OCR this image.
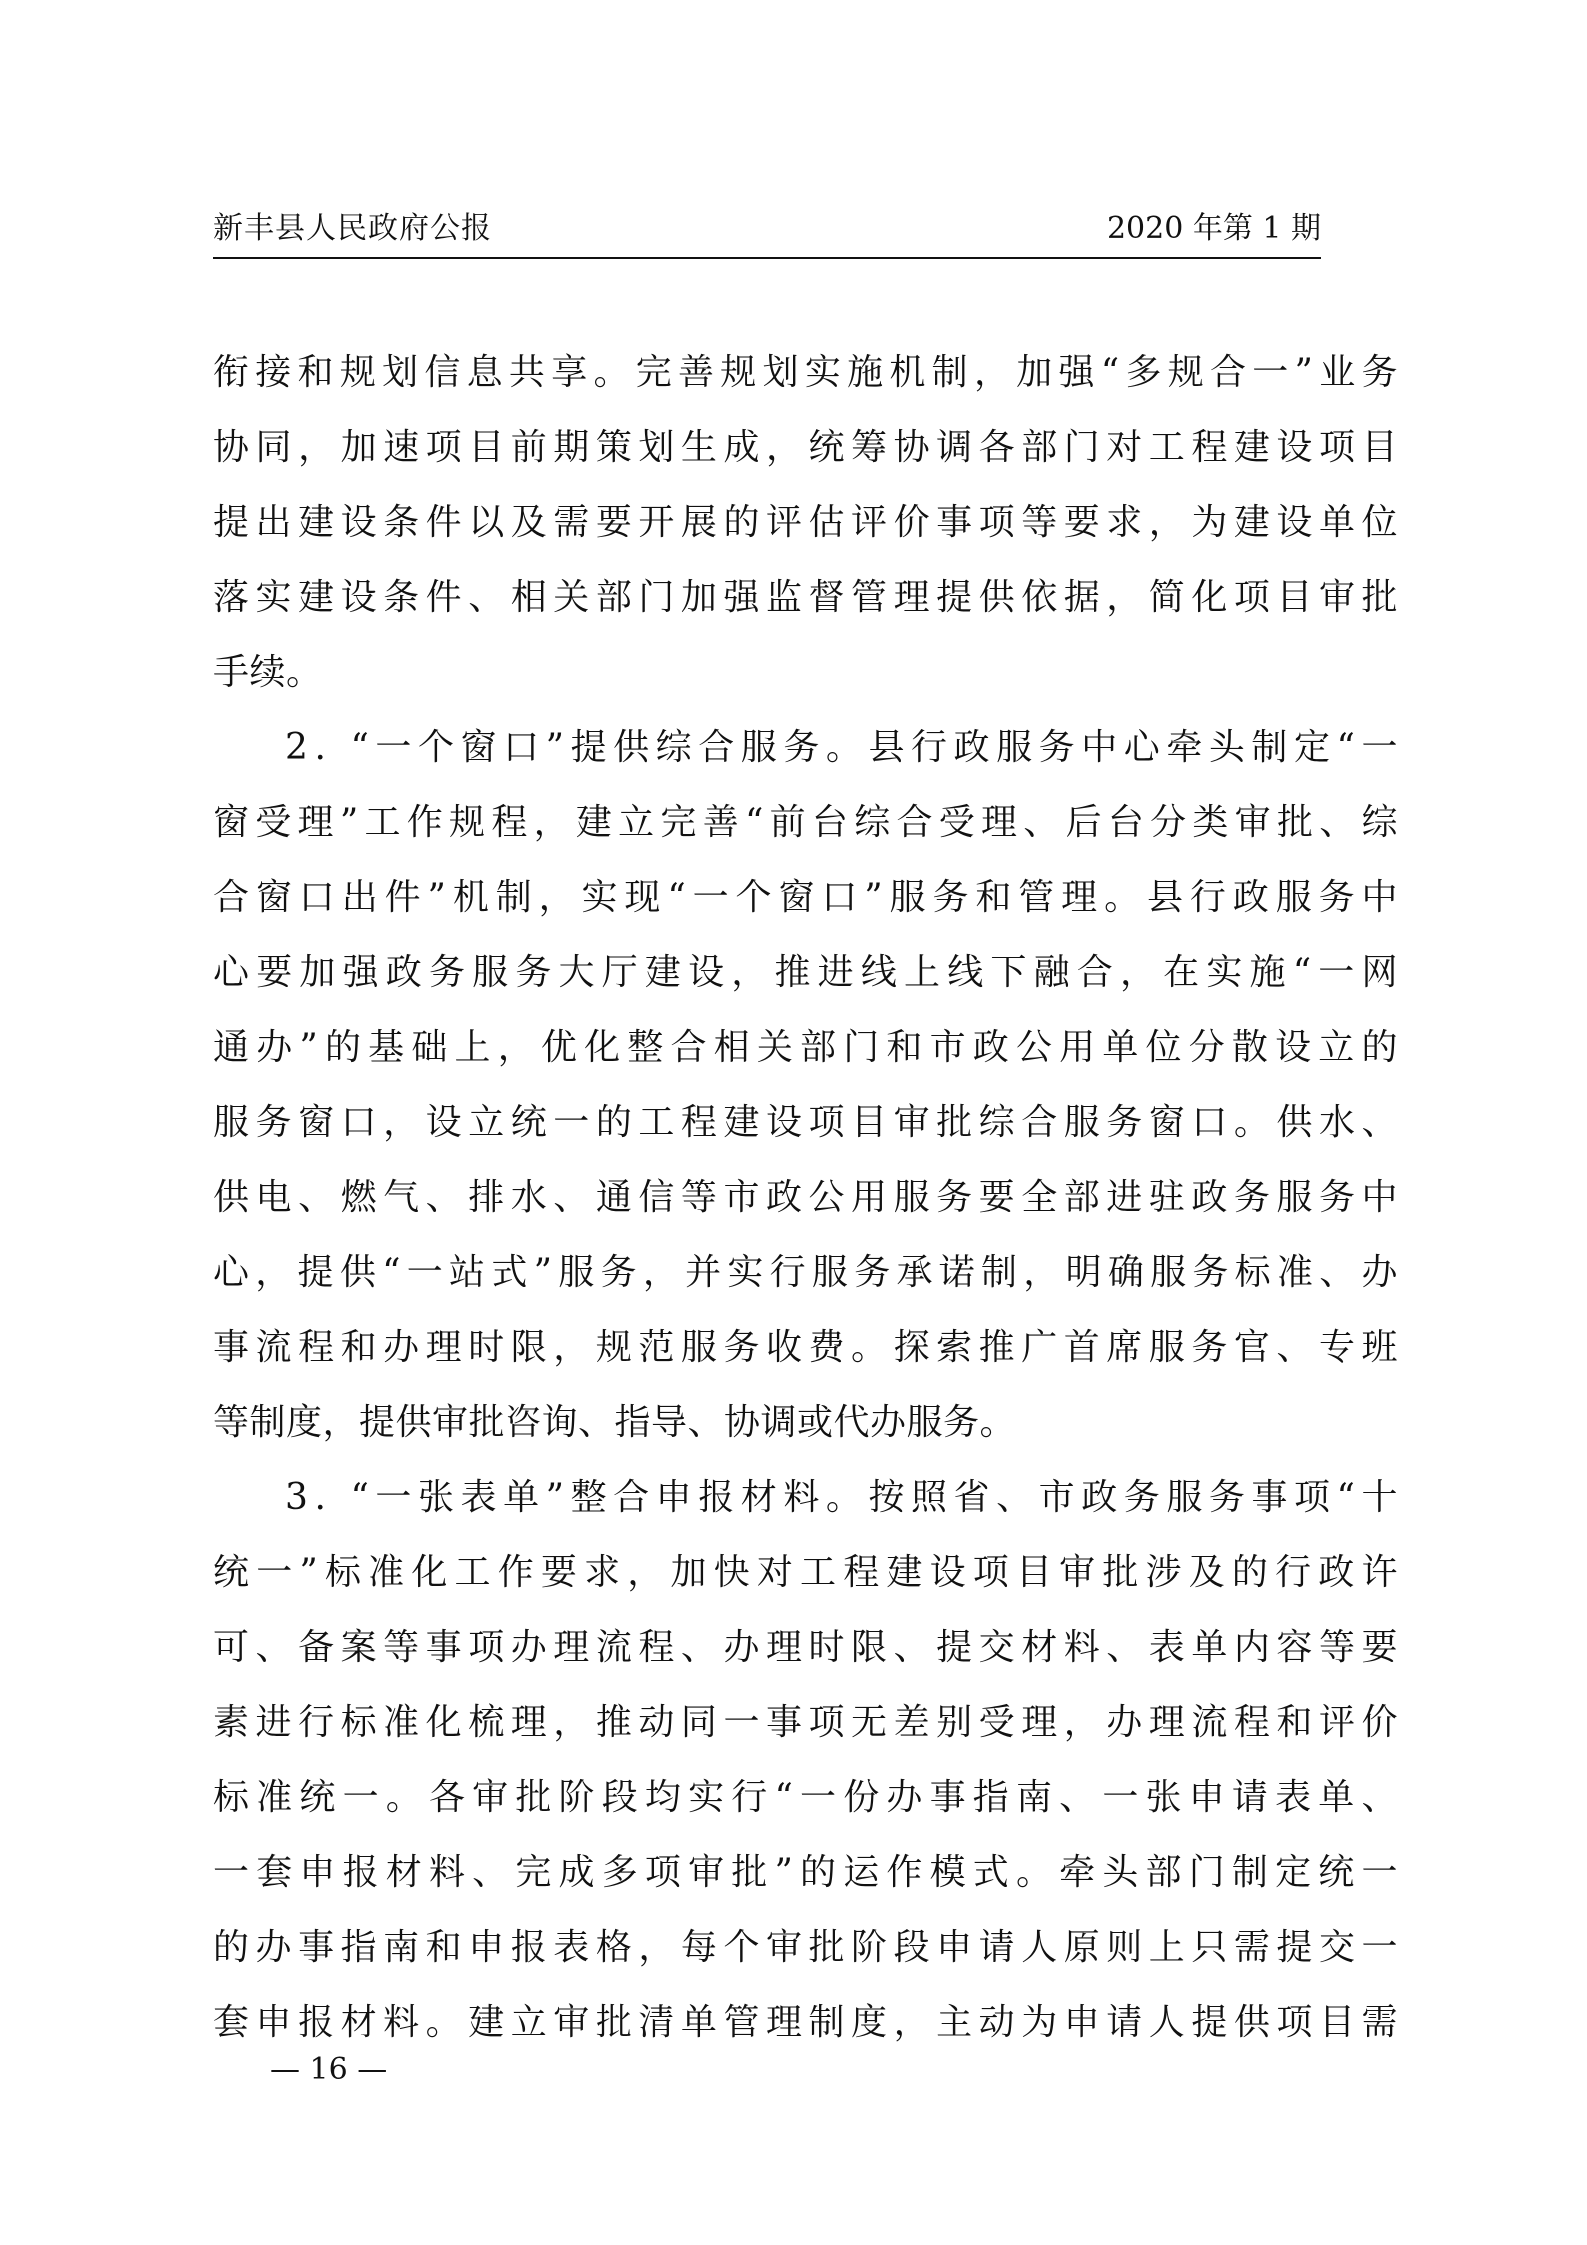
新丰县人民政府公报	2020 年第 1 期
衔接和规划信息共享。完善规划实施机制，加强“多规合一”业务
协同，加速项目前期策划生成，统筹协调各部门对工程建设项目
提出建设条件以及需要开展的评估评价事项等要求，为建设单位
落实建设条件、相关部门加强监督管理提供依据，简化项目审批
手续。
2. “一个窗口”提供综合服务。县行政服务中心牵头制定“一
窗受理”工作规程，建立完善“前台综合受理、后台分类审批、综
合窗口出件”机制，实现“一个窗口”服务和管理。县行政服务中
心要加强政务服务大厅建设，推进线上线下融合，在实施“一网
通办”的基础上，优化整合相关部门和市政公用单位分散设立的
服务窗口，设立统一的工程建设项目审批综合服务窗口。供水、
供电、燃气、排水、通信等市政公用服务要全部进驻政务服务中
心，提供“一站式”服务，并实行服务承诺制，明确服务标准、办
事流程和办理时限，规范服务收费。探索推广首席服务官、专班
等制度，提供审批咨询、指导、协调或代办服务。
3. “一张表单”整合申报材料。按照省、市政务服务事项“十
统一”标准化工作要求，加快对工程建设项目审批涉及的行政许
可、备案等事项办理流程、办理时限、提交材料、表单内容等要
素进行标准化梳理，推动同一事项无差别受理，办理流程和评价
标准统一。各审批阶段均实行“一份办事指南、一张申请表单、
一套申报材料、完成多项审批”的运作模式。牵头部门制定统一
的办事指南和申报表格，每个审批阶段申请人原则上只需提交一
套申报材料。建立审批清单管理制度，主动为申请人提供项目需
— 16 —
